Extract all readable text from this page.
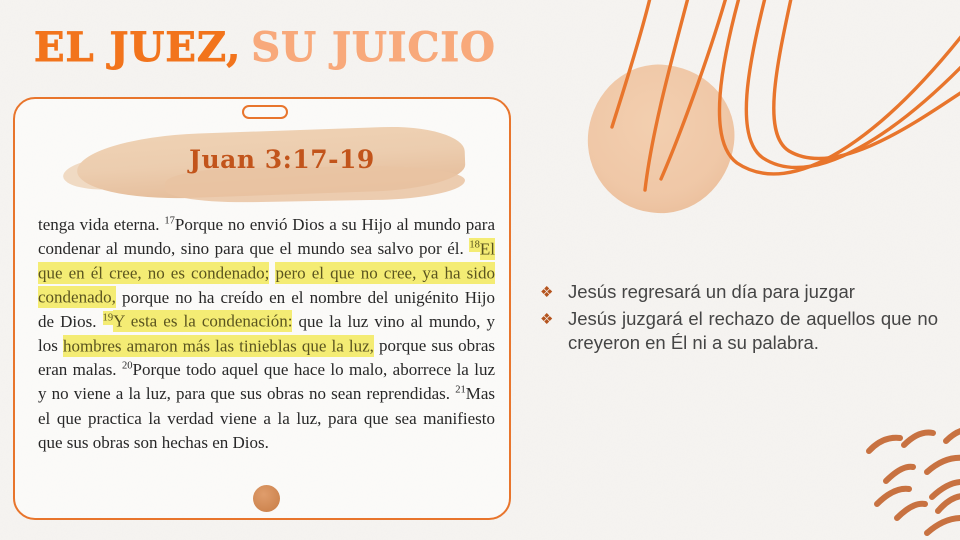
EL JUEZ, SU JUICIO
Juan 3:17-19

tenga vida eterna. $^{17}$Porque no envió Dios a su Hijo al mundo para condenar al mundo, sino para que el mundo sea salvo por él. $^{18}$El que en él cree, no es condenado; pero el que no cree, ya ha sido condenado, porque no ha creído en el nombre del unigénito Hijo de Dios. $^{19}$Y esta es la condenación: que la luz vino al mundo, y los hombres amaron más las tinieblas que la luz, porque sus obras eran malas. $^{20}$Porque todo aquel que hace lo malo, aborrece la luz y no viene a la luz, para que sus obras no sean reprendidas. $^{21}$Mas el que practica la verdad viene a la luz, para que sea manifiesto que sus obras son hechas en Dios.

❖ Jesús regresará un día para juzgar
❖ Jesús juzgará el rechazo de aquellos que no creyeron en Él ni a su palabra.
